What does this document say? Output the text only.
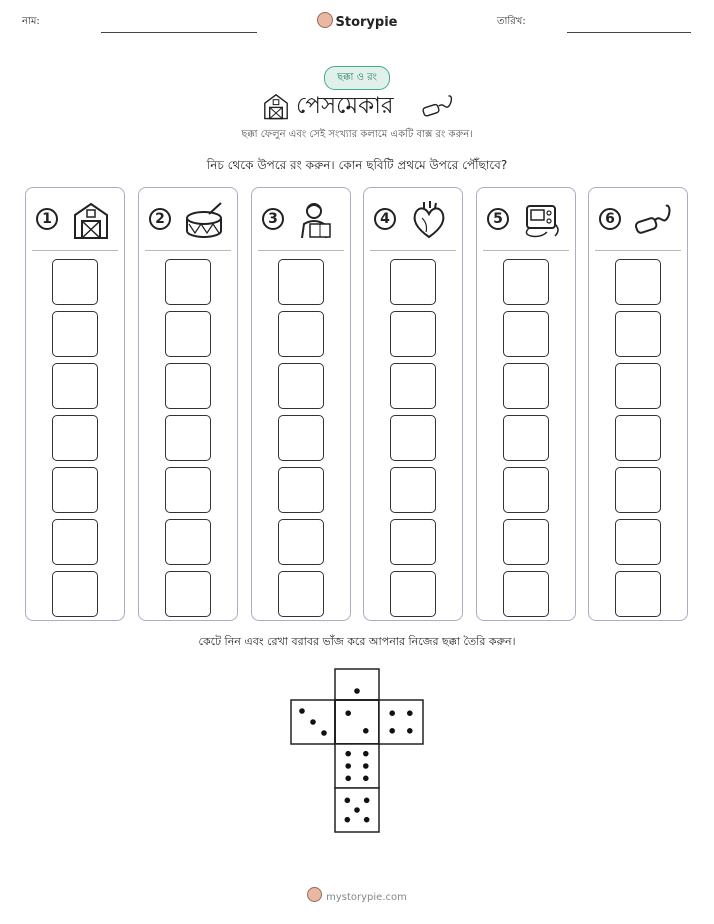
নাম:	Storypie	তারিখ:
ছক্কা ও রং
পেসমেকার
ছক্কা ফেলুন এবং সেই সংখ্যার কলামে একটি বাক্স রং করুন।
নিচ থেকে উপরে রং করুন। কোন ছবিটি প্রথমে উপরে পৌঁছাবে?
1	2	3	4	5	6
কেটে নিন এবং রেখা বরাবর ভাঁজ করে আপনার নিজের ছক্কা তৈরি করুন।
mystorypie.com
